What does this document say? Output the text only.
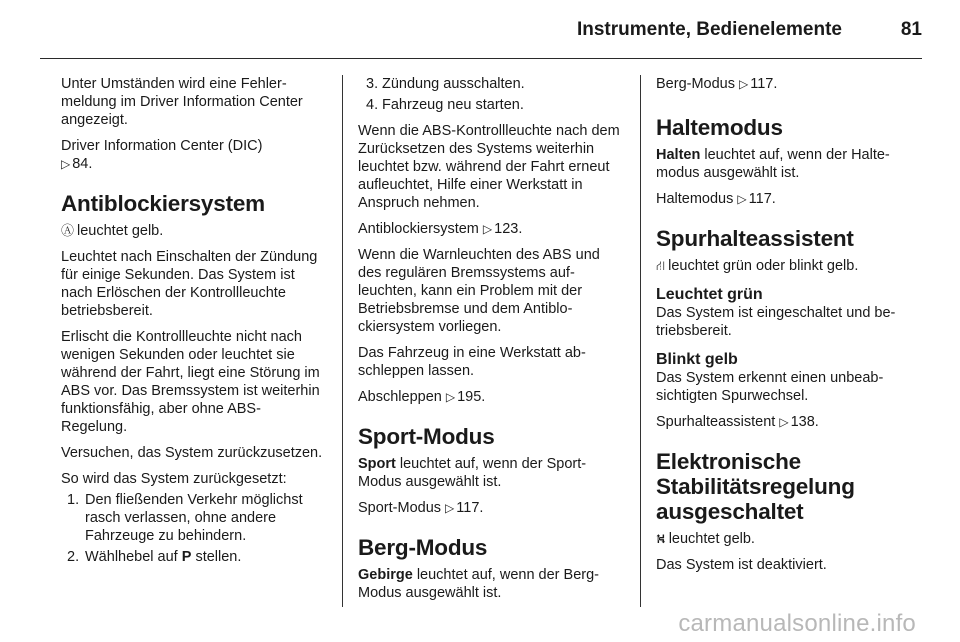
Instrumente, Bedienelemente	81

Unter Umständen wird eine Fehlermeldung im Driver Information Center angezeigt.

Driver Information Center (DIC)
▷ 84.

Antiblockiersystem

Ⓐ leuchtet gelb.

Leuchtet nach Einschalten der Zündung für einige Sekunden. Das System ist nach Erlöschen der Kontrollleuchte betriebsbereit.

Erlischt die Kontrollleuchte nicht nach wenigen Sekunden oder leuchtet sie während der Fahrt, liegt eine Störung im ABS vor. Das Bremssystem ist weiterhin funktionsfähig, aber ohne ABS-Regelung.

Versuchen, das System zurückzusetzen.

So wird das System zurückgesetzt:

1. Den fließenden Verkehr möglichst rasch verlassen, ohne andere Fahrzeuge zu behindern.
2. Wählhebel auf P stellen.
3. Zündung ausschalten.
4. Fahrzeug neu starten.

Wenn die ABS-Kontrollleuchte nach dem Zurücksetzen des Systems weiterhin leuchtet bzw. während der Fahrt erneut aufleuchtet, Hilfe einer Werkstatt in Anspruch nehmen.

Antiblockiersystem ▷ 123.

Wenn die Warnleuchten des ABS und des regulären Bremssystems aufleuchten, kann ein Problem mit der Betriebsbremse und dem Antiblockiersystem vorliegen.

Das Fahrzeug in eine Werkstatt abschleppen lassen.

Abschleppen ▷ 195.

Sport-Modus

Sport leuchtet auf, wenn der Sport-Modus ausgewählt ist.

Sport-Modus ▷ 117.

Berg-Modus

Gebirge leuchtet auf, wenn der Berg-Modus ausgewählt ist.

Berg-Modus ▷ 117.

Haltemodus

Halten leuchtet auf, wenn der Haltemodus ausgewählt ist.

Haltemodus ▷ 117.

Spurhalteassistent

⛙ leuchtet grün oder blinkt gelb.

Leuchtet grün

Das System ist eingeschaltet und betriebsbereit.

Blinkt gelb

Das System erkennt einen unbeabsichtigten Spurwechsel.

Spurhalteassistent ▷ 138.

Elektronische
Stabilitätsregelung
ausgeschaltet

⛕ leuchtet gelb.

Das System ist deaktiviert.

carmanualsonline.info
